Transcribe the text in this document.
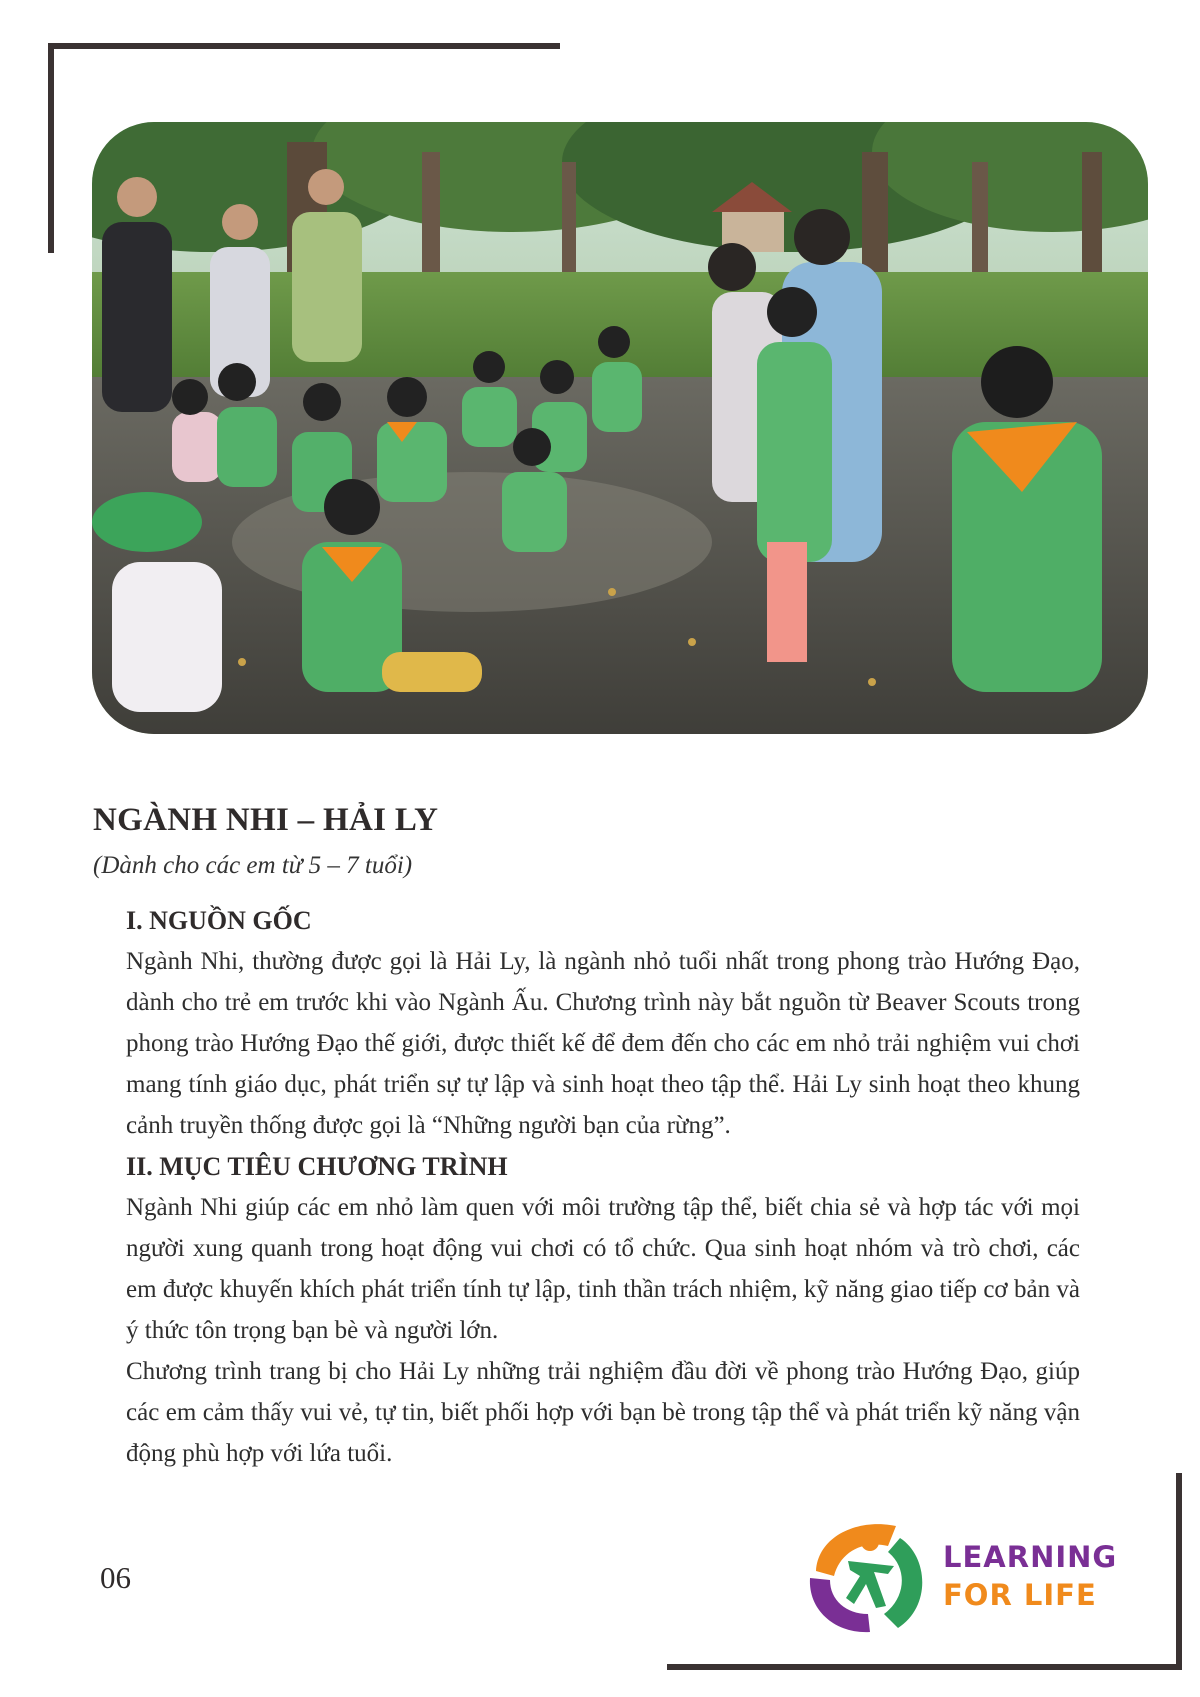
NGÀNH NHI – HẢI LY

(Dành cho các em từ 5 – 7 tuổi)

I. NGUỒN GỐC

Ngành Nhi, thường được gọi là Hải Ly, là ngành nhỏ tuổi nhất trong phong trào Hướng Đạo, dành cho trẻ em trước khi vào Ngành Ấu. Chương trình này bắt nguồn từ Beaver Scouts trong phong trào Hướng Đạo thế giới, được thiết kế để đem đến cho các em nhỏ trải nghiệm vui chơi mang tính giáo dục, phát triển sự tự lập và sinh hoạt theo tập thể. Hải Ly sinh hoạt theo khung cảnh truyền thống được gọi là “Những người bạn của rừng”.

II. MỤC TIÊU CHƯƠNG TRÌNH

Ngành Nhi giúp các em nhỏ làm quen với môi trường tập thể, biết chia sẻ và hợp tác với mọi người xung quanh trong hoạt động vui chơi có tổ chức. Qua sinh hoạt nhóm và trò chơi, các em được khuyến khích phát triển tính tự lập, tinh thần trách nhiệm, kỹ năng giao tiếp cơ bản và ý thức tôn trọng bạn bè và người lớn.

Chương trình trang bị cho Hải Ly những trải nghiệm đầu đời về phong trào Hướng Đạo, giúp các em cảm thấy vui vẻ, tự tin, biết phối hợp với bạn bè trong tập thể và phát triển kỹ năng vận động phù hợp với lứa tuổi.

06
LEARNING
FOR LIFE
